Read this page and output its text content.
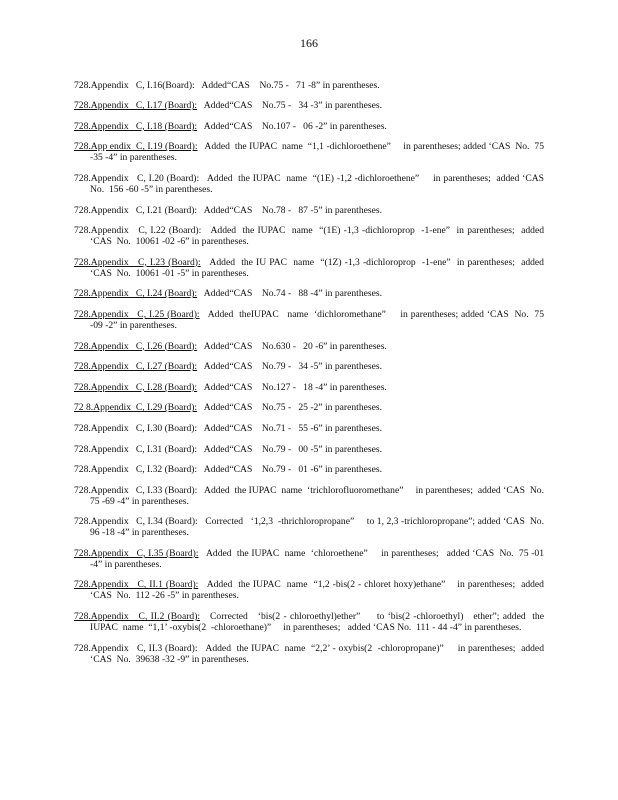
166

728.Appendix   C, I.16(Board):   Added“CAS    No.75 -   71 -8” in parentheses.

728.Appendix   C, I.17 (Board):   Added“CAS    No.75 -   34 -3” in parentheses.

728.Appendix   C, I.18 (Board):   Added“CAS    No.107 -   06 -2” in parentheses.

728.App endix  C, I.19 (Board):   Added  the IUPAC  name  “1,1 -dichloroethene”     in parentheses; added ‘CAS  No.  75 -35 -4” in parentheses.

728.Appendix   C, I.20 (Board):   Added  the IUPAC  name  “(1E) -1,2 -dichloroethene”     in parentheses;  added ‘CAS  No.  156 -60 -5” in parentheses.

728.Appendix   C, I.21 (Board):   Added“CAS    No.78 -   87 -5” in parentheses.

728.Appendix   C, I.22 (Board):   Added  the IUPAC  name  “(1E) -1,3 -dichloroprop  -1-ene”  in parentheses;  added ‘CAS  No.  10061 -02 -6” in parentheses.

728.Appendix   C, I.23 (Board):   Added  the IU PAC  name  “(1Z) -1,3 -dichloroprop  -1-ene”  in parentheses;  added ‘CAS  No.  10061 -01 -5” in parentheses.

728.Appendix   C, I.24 (Board):   Added“CAS    No.74 -   88 -4” in parentheses.

728.Appendix   C, I.25 (Board):   Added  theIUPAC   name  ‘dichloromethane”     in parentheses; added ‘CAS  No.  75 -09 -2” in parentheses.

728.Appendix   C, I.26 (Board):   Added“CAS    No.630 -   20 -6” in parentheses.

728.Appendix   C, I.27 (Board):   Added“CAS    No.79 -   34 -5” in parentheses.

728.Appendix   C, I.28 (Board):   Added“CAS    No.127 -   18 -4” in parentheses.

72 8.Appendix  C, I.29 (Board):   Added“CAS    No.75 -   25 -2” in parentheses.

728.Appendix   C, I.30 (Board):   Added“CAS    No.71 -   55 -6” in parentheses.

728.Appendix   C, I.31 (Board):   Added“CAS    No.79 -   00 -5” in parentheses.

728.Appendix   C, I.32 (Board):   Added“CAS    No.79 -   01 -6” in parentheses.

728.Appendix   C, I.33 (Board):   Added  the IUPAC  name  ‘trichlorofluoromethane”     in parentheses;  added ‘CAS  No.  75 -69 -4” in parentheses.

728.Appendix   C, I.34 (Board):   Corrected   ‘1,2,3  -thrichloropropane”     to 1, 2,3 -trichloropropane”; added ‘CAS  No.  96 -18 -4” in parentheses.

728.Appendix   C, I.35 (Board):   Added  the IUPAC  name  ‘chloroethene”     in parentheses;   added ‘CAS  No.  75 -01 -4” in parentheses.

728.Appendix   C, II.1 (Board):   Added  the IUPAC  name  “1,2 -bis(2 - chloret hoxy)ethane”    in parentheses;  added ‘CAS  No.  112 -26 -5” in parentheses.

728.Appendix   C, II.2 (Board):   Corrected   ‘bis(2 - chloroethyl)ether”     to ‘bis(2 -chloroethyl)   ether”; added  the IUPAC  name  “1,1’ -oxybis(2  -chloroethane)”     in parentheses;   added ‘CAS No.  111 - 44 -4” in parentheses.

728.Appendix   C, II.3 (Board):   Added  the IUPAC  name  “2,2’ - oxybis(2  -chloropropane)”     in parentheses;  added ‘CAS  No.  39638 -32 -9” in parentheses.
